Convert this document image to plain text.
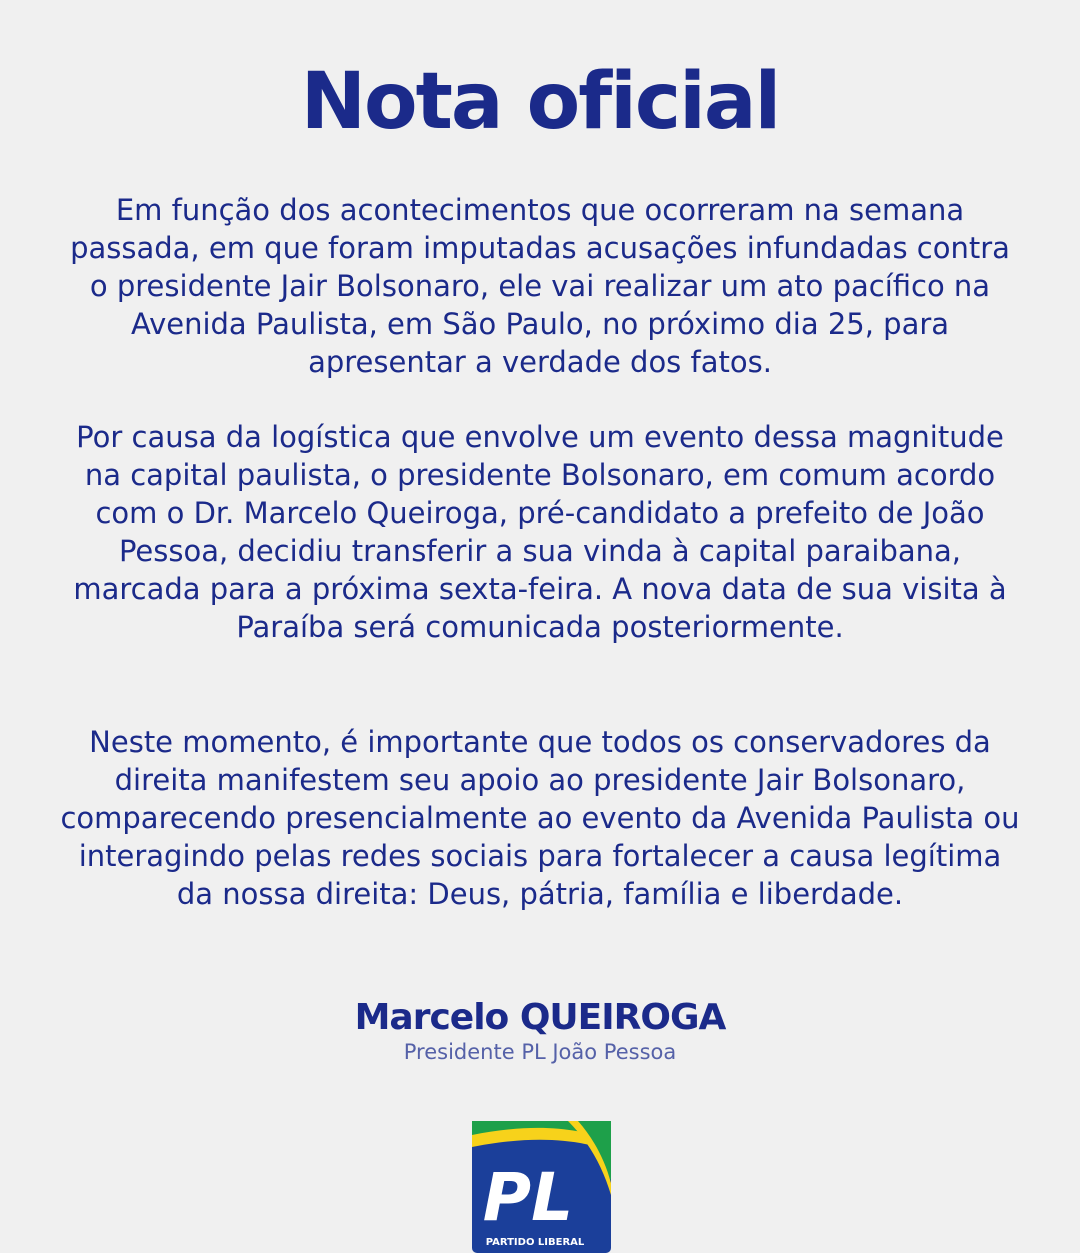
Nota oficial

Em função dos acontecimentos que ocorreram na semana passada, em que foram imputadas acusações infundadas contra o presidente Jair Bolsonaro, ele vai realizar um ato pacífico na Avenida Paulista, em São Paulo, no próximo dia 25, para apresentar a verdade dos fatos.

Por causa da logística que envolve um evento dessa magnitude na capital paulista, o presidente Bolsonaro, em comum acordo com o Dr. Marcelo Queiroga, pré-candidato a prefeito de João Pessoa, decidiu transferir a sua vinda à capital paraibana, marcada para a próxima sexta-feira. A nova data de sua visita à Paraíba será comunicada posteriormente.

Neste momento, é importante que todos os conservadores da direita manifestem seu apoio ao presidente Jair Bolsonaro, comparecendo presencialmente ao evento da Avenida Paulista ou interagindo pelas redes sociais para fortalecer a causa legítima da nossa direita: Deus, pátria, família e liberdade.

Marcelo QUEIROGA
Presidente PL João Pessoa
PL
PARTIDO LIBERAL
